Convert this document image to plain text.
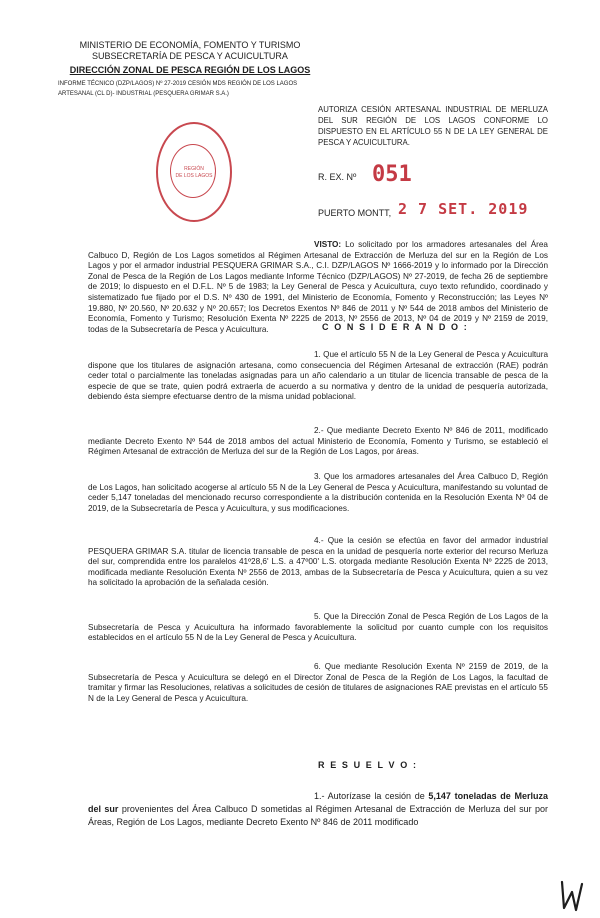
MINISTERIO DE ECONOMÍA, FOMENTO Y TURISMO
SUBSECRETARÍA DE PESCA Y ACUICULTURA
DIRECCIÓN ZONAL DE PESCA REGIÓN DE LOS LAGOS
INFORME TÉCNICO (DZP/LAGOS) Nº 27-2019 CESIÓN MDS REGIÓN DE LOS LAGOS
ARTESANAL (CL D)- INDUSTRIAL (PESQUERA GRIMAR S.A.)
AUTORIZA CESIÓN ARTESANAL INDUSTRIAL DE MERLUZA DEL SUR REGIÓN DE LOS LAGOS CONFORME LO DISPUESTO EN EL ARTÍCULO 55 N DE LA LEY GENERAL DE PESCA Y ACUICULTURA.
REGIÓN
DE LOS LAGOS	R. EX. Nº 051
PUERTO MONTT, 2 7 SET. 2019
VISTO: Lo solicitado por los armadores artesanales del Área Calbuco D, Región de Los Lagos sometidos al Régimen Artesanal de Extracción de Merluza del sur en la Región de Los Lagos y por el armador industrial PESQUERA GRIMAR S.A., C.I. DZP/LAGOS Nº 1666-2019 y lo informado por la Dirección Zonal de Pesca de la Región de Los Lagos mediante Informe Técnico (DZP/LAGOS) Nº 27-2019, de fecha 26 de septiembre de 2019; lo dispuesto en el D.F.L. Nº 5 de 1983; la Ley General de Pesca y Acuicultura, cuyo texto refundido, coordinado y sistematizado fue fijado por el D.S. Nº 430 de 1991, del Ministerio de Economía, Fomento y Reconstrucción; las Leyes Nº 19.880, Nº 20.560, Nº 20.632 y Nº 20.657; los Decretos Exentos Nº 846 de 2011 y Nº 544 de 2018 ambos del Ministerio de Economía, Fomento y Turismo; Resolución Exenta Nº 2225 de 2013, Nº 2556 de 2013, Nº 04 de 2019 y Nº 2159 de 2019, todas de la Subsecretaría de Pesca y Acuicultura.	C O N S I D E R A N D O :
1. Que el artículo 55 N de la Ley General de Pesca y Acuicultura dispone que los titulares de asignación artesana, como consecuencia del Régimen Artesanal de extracción (RAE) podrán ceder total o parcialmente las toneladas asignadas para un año calendario a un titular de licencia transable de pesca de la especie de que se trate, quien podrá extraerla de acuerdo a su normativa y dentro de la unidad de pesquería autorizada, debiendo ésta siempre efectuarse dentro de la misma unidad poblacional.
2.- Que mediante Decreto Exento Nº 846 de 2011, modificado mediante Decreto Exento Nº 544 de 2018 ambos del actual Ministerio de Economía, Fomento y Turismo, se estableció el Régimen Artesanal de extracción de Merluza del sur de la Región de Los Lagos, por áreas.
3. Que los armadores artesanales del Área Calbuco D, Región de Los Lagos, han solicitado acogerse al artículo 55 N de la Ley General de Pesca y Acuicultura, manifestando su voluntad de ceder 5,147 toneladas del mencionado recurso correspondiente a la distribución contenida en la Resolución Exenta Nº 04 de 2019, de la Subsecretaría de Pesca y Acuicultura, y sus modificaciones.
4.- Que la cesión se efectúa en favor del armador industrial PESQUERA GRIMAR S.A. titular de licencia transable de pesca en la unidad de pesquería norte exterior del recurso Merluza del sur, comprendida entre los paralelos 41º28,6' L.S. a 47º00' L.S. otorgada mediante Resolución Exenta Nº 2225 de 2013, modificada mediante Resolución Exenta Nº 2556 de 2013, ambas de la Subsecretaría de Pesca y Acuicultura, quien a su vez ha solicitado la aprobación de la señalada cesión.
5. Que la Dirección Zonal de Pesca Región de Los Lagos de la Subsecretaría de Pesca y Acuicultura ha informado favorablemente la solicitud por cuanto cumple con los requisitos establecidos en el artículo 55 N de la Ley General de Pesca y Acuicultura.
6. Que mediante Resolución Exenta Nº 2159 de 2019, de la Subsecretaría de Pesca y Acuicultura se delegó en el Director Zonal de Pesca de la Región de Los Lagos, la facultad de tramitar y firmar las Resoluciones, relativas a solicitudes de cesión de titulares de asignaciones RAE previstas en el artículo 55 N de la Ley General de Pesca y Acuicultura.
R E S U E L V O :
1.- Autorízase la cesión de 5,147 toneladas de Merluza del sur provenientes del Área Calbuco D sometidas al Régimen Artesanal de Extracción de Merluza del sur por Áreas, Región de Los Lagos, mediante Decreto Exento Nº 846 de 2011 modificado
